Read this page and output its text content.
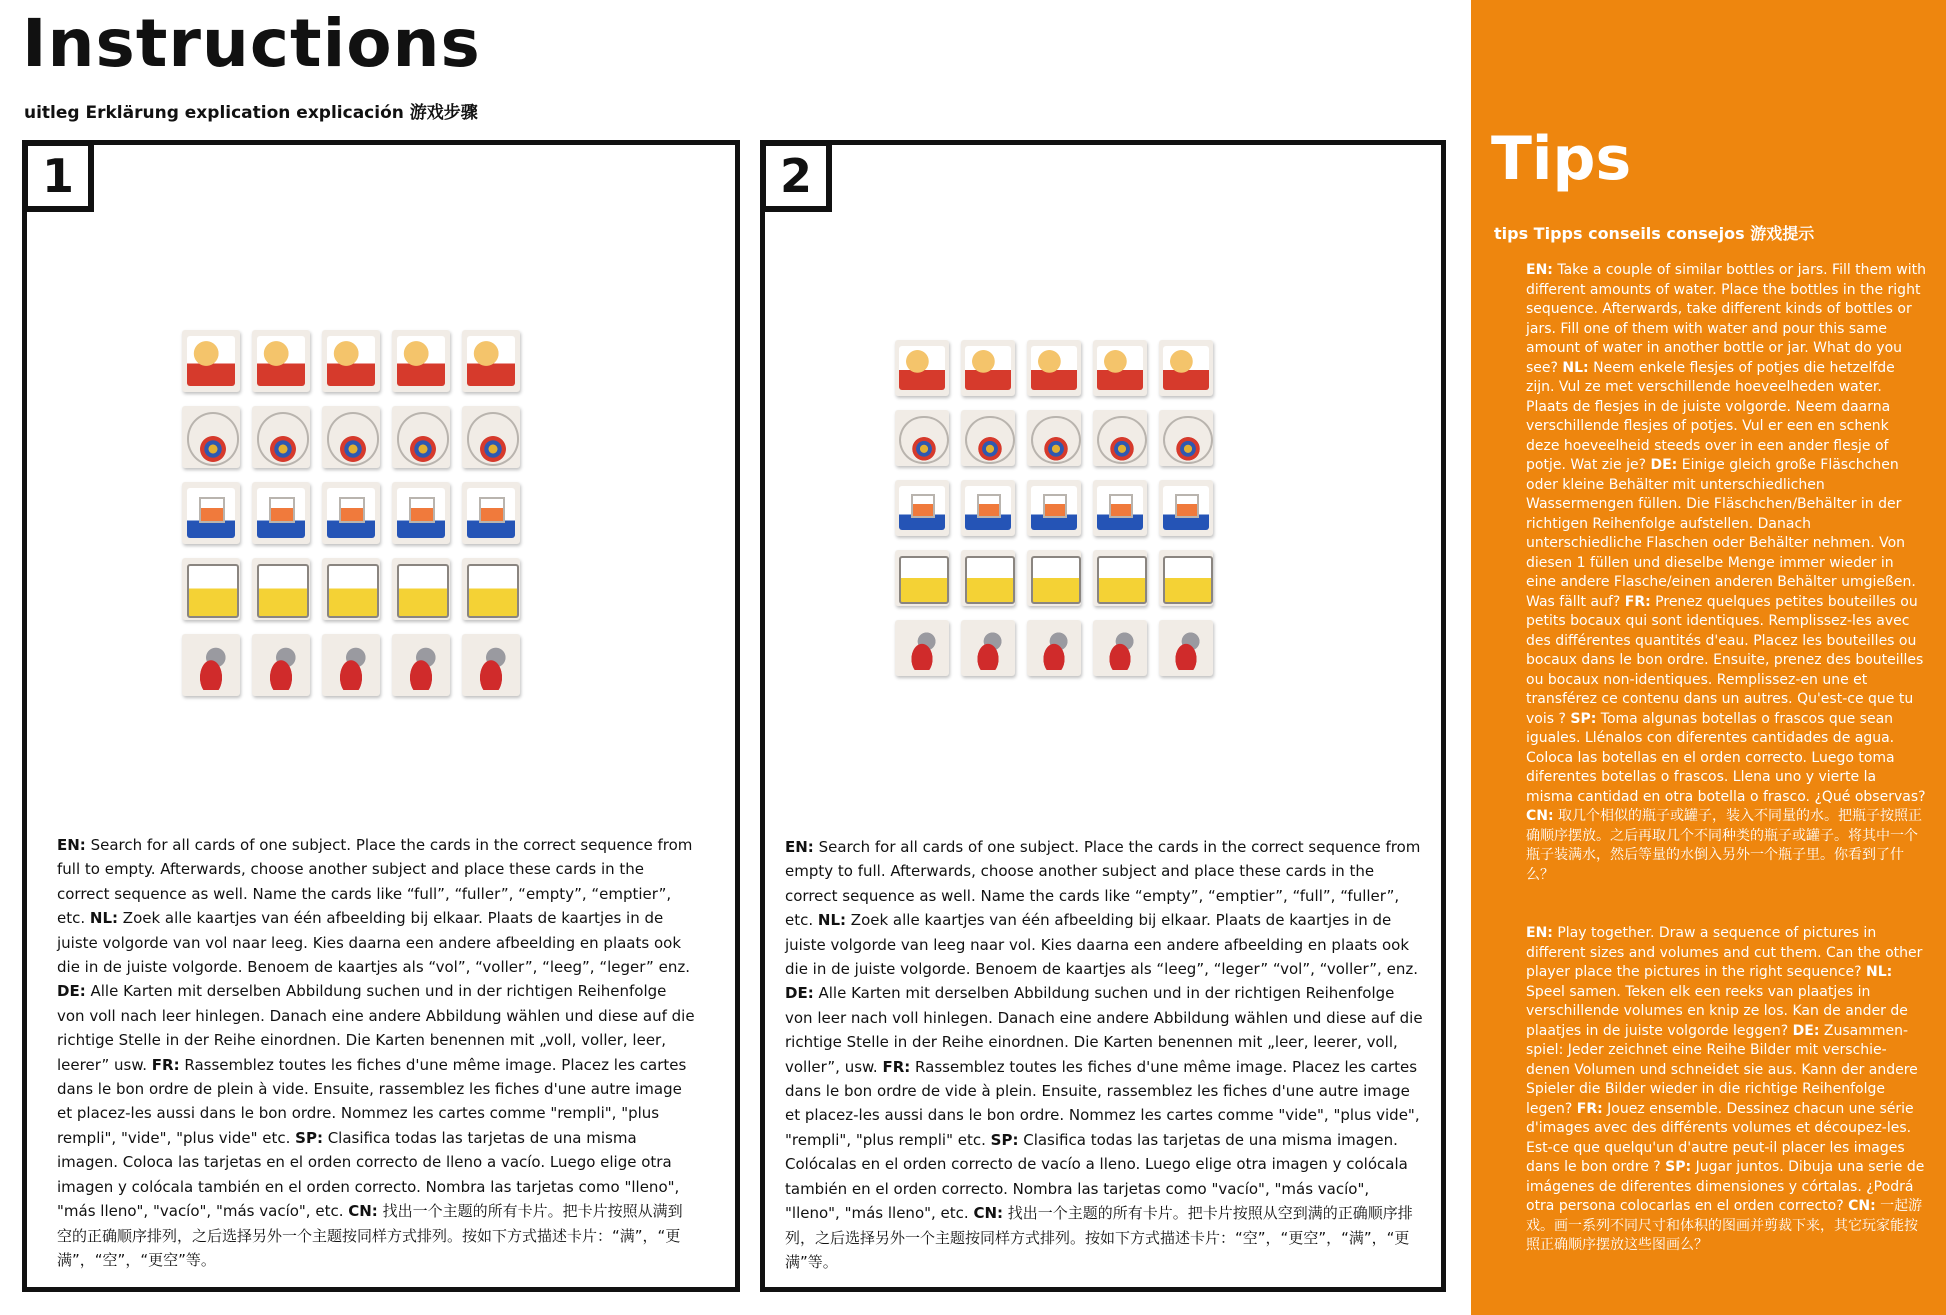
Instructions
uitleg Erklärung explication explicación 游戏步骤
1
EN: Search for all cards of one subject. Place the cards in the correct sequence from full to empty. Afterwards, choose another subject and place these cards in the correct sequence as well. Name the cards like “full”, “fuller”, “empty”, “emptier”, etc. NL: Zoek alle kaartjes van één afbeelding bij elkaar. Plaats de kaartjes in de juiste volgorde van vol naar leeg. Kies daarna een andere afbeelding en plaats ook die in de juiste volgorde. Benoem de kaartjes als “vol”, “voller”, “leeg”, “leger” enz. DE: Alle Karten mit derselben Abbildung suchen und in der richtigen Reihenfolge von voll nach leer hinlegen. Danach eine andere Abbildung wählen und diese auf die richtige Stelle in der Reihe einordnen. Die Karten benennen mit „voll, voller, leer, leerer” usw. FR: Rassemblez toutes les fiches d'une même image. Placez les cartes dans le bon ordre de plein à vide. Ensuite, rassemblez les fiches d'une autre image et placez-les aussi dans le bon ordre. Nommez les cartes comme "rempli", "plus rempli", "vide", "plus vide" etc. SP: Clasifica todas las tarjetas de una misma imagen. Coloca las tarjetas en el orden correcto de lleno a vacío. Luego elige otra imagen y colócala también en el orden correcto. Nombra las tarjetas como "lleno", "más lleno", "vacío", "más vacío", etc. CN: 找出一个主题的所有卡片。把卡片按照从满到空的正确顺序排列，之后选择另外一个主题按同样方式排列。按如下方式描述卡片：“满”，“更满”，“空”，“更空”等。
2
EN: Search for all cards of one subject. Place the cards in the correct sequence from empty to full. Afterwards, choose another subject and place these cards in the correct sequence as well. Name the cards like “empty”, “emptier”, “full”, “fuller”, etc. NL: Zoek alle kaartjes van één afbeelding bij elkaar. Plaats de kaartjes in de juiste volgorde van leeg naar vol. Kies daarna een andere afbeelding en plaats ook die in de juiste volgorde. Benoem de kaartjes als “leeg”, “leger” “vol”, “voller”, enz. DE: Alle Karten mit derselben Abbildung suchen und in der richtigen Reihenfolge von leer nach voll hinlegen. Danach eine andere Abbildung wählen und diese auf die richtige Stelle in der Reihe einordnen. Die Karten benennen mit „leer, leerer, voll, voller”, usw. FR: Rassemblez toutes les fiches d'une même image. Placez les cartes dans le bon ordre de vide à plein. Ensuite, rassemblez les fiches d'une autre image et placez-les aussi dans le bon ordre. Nommez les cartes comme "vide", "plus vide", "rempli", "plus rempli" etc. SP: Clasifica todas las tarjetas de una misma imagen. Colócalas en el orden correcto de vacío a lleno. Luego elige otra imagen y colócala también en el orden correcto. Nombra las tarjetas como "vacío", "más vacío", "lleno", "más lleno", etc. CN: 找出一个主题的所有卡片。把卡片按照从空到满的正确顺序排列，之后选择另外一个主题按同样方式排列。按如下方式描述卡片：“空”，“更空”，“满”，“更满”等。
Tips
tips Tipps conseils consejos 游戏提示
EN: Take a couple of similar bottles or jars. Fill them with different amounts of water. Place the bottles in the right sequence. Afterwards, take different kinds of bottles or jars. Fill one of them with water and pour this same amount of water in another bottle or jar. What do you see? NL: Neem enkele flesjes of potjes die hetzelfde zijn. Vul ze met verschillende hoeveelheden water. Plaats de flesjes in de juiste volgorde. Neem daarna verschillende flesjes of potjes. Vul er een en schenk deze hoeveelheid steeds over in een ander flesje of potje. Wat zie je? DE: Einige gleich große Fläschchen oder kleine Behälter mit unterschiedlichen Wassermengen füllen. Die Fläschchen/Behälter in der richtigen Reihenfolge aufstellen. Danach unterschiedliche Flaschen oder Behälter nehmen. Von diesen 1 füllen und dieselbe Menge immer wieder in eine andere Flasche/einen anderen Behälter umgießen. Was fällt auf? FR: Prenez quelques petites bouteilles ou petits bocaux qui sont identiques. Remplissez-les avec des différentes quantités d'eau. Placez les bouteilles ou bocaux dans le bon ordre. Ensuite, prenez des bouteilles ou bocaux non-identiques. Remplissez-en une et transférez ce contenu dans un autres. Qu'est-ce que tu vois ? SP: Toma algunas botellas o frascos que sean iguales. Llénalos con diferentes cantidades de agua. Coloca las botellas en el orden correcto. Luego toma diferentes botellas o frascos. Llena uno y vierte la misma cantidad en otra botella o frasco. ¿Qué observas? CN: 取几个相似的瓶子或罐子，装入不同量的水。把瓶子按照正确顺序摆放。之后再取几个不同种类的瓶子或罐子。将其中一个瓶子装满水，然后等量的水倒入另外一个瓶子里。你看到了什么？
EN: Play together. Draw a sequence of pictures in different sizes and volumes and cut them. Can the other player place the pictures in the right sequence? NL: Speel samen. Teken elk een reeks van plaatjes in verschillende volumes en knip ze los. Kan de ander de plaatjes in de juiste volgorde leggen? DE: Zusammen-spiel: Jeder zeichnet eine Reihe Bilder mit verschie-denen Volumen und schneidet sie aus. Kann der andere Spieler die Bilder wieder in die richtige Reihenfolge legen? FR: Jouez ensemble. Dessinez chacun une série d'images avec des différents volumes et découpez-les. Est-ce que quelqu'un d'autre peut-il placer les images dans le bon ordre ? SP: Jugar juntos. Dibuja una serie de imágenes de diferentes dimensiones y córtalas. ¿Podrá otra persona colocarlas en el orden correcto? CN: 一起游戏。画一系列不同尺寸和体积的图画并剪裁下来，其它玩家能按照正确顺序摆放这些图画么？
